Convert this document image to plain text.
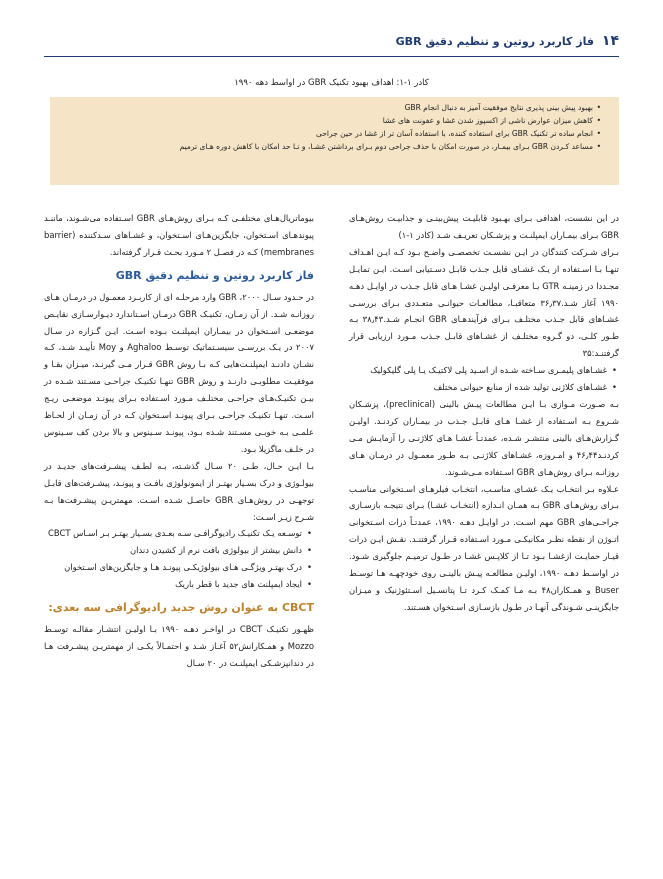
۱۴
فاز کاربرد روتین و تنظیم دقیق GBR
کادر ۱-۱: اهداف بهبود تکنیک GBR در اواسط دهه ۱۹۹۰
• بهبود پیش بینی پذیری نتایج موفقیت آمیز به دنبال انجام GBR
• کاهش میزان عوارض ناشی از اکسپوز شدن غشا و عفونت های غشا
• انجام ساده تر تکنیک GBR برای استفاده کننده، با استفاده آسان تر از غشا در حین جراحی
• مساعد کـردن GBR بـرای بیمـار، در صورت امکان با حذف جراحی دوم بـرای برداشتن غشـا، و تـا حد امکان با کاهش دوره هـای ترمیم

در این نشست، اهدافی بـرای بهـبود قابلیـت پیش‌بینـی و جذابیـت روش‌هـای GBR بـرای بیمـاران ایمپلنـت و پزشـکان تعریـف شـد (کادر ۱-۱)

بـرای شـرکت کنندگان در ایـن نشسـت تخصصـی واضـح بـود کـه ایـن اهـداف تنهـا بـا اسـتفاده از یـک غشـای قابل جـذب قابـل دسـتیابی اسـت. ایـن تمایـل مجـددا در زمینـه GTR بـا معرفـی اولیـن غشـا هـای قابل جـذب در اوایـل دهـه ۱۹۹۰ آغاز شـد.۳۶٫۳۷ متعاقبـا، مطالعـات حیوانـی متعـددی بـرای بررسـی غشـاهای قابل جـذب مختلـف بـرای فرآیندهـای GBR انجـام شـد.۳۸٫۴۳ بـه طـور کلـی، دو گـروه مختلـف از غشـاهای قابـل جـذب مـورد ارزیابی قرار گرفتنـد:۳۵

• غشـاهای پلیمـری سـاخته شـده از اسـید پلی لاکتیـک یـا پلی گلیکولیک
• غشـاهای کلاژنی تولید شده از منابع حیوانی مختلف

بـه صـورت مـوازی بـا ایـن مطالعات پیـش بالینی (preclinical)، پزشـکان شـروع بـه اسـتفاده از غشـا هـای قابـل جـذب در بیمـاران کردنـد. اولیـن گـزارش‌هـای بالینی منتشـر شـده، عمدتـاً غشـا هـای کلاژنـی را آزمایـش مـی کردنـد۴۶٫۴۴ و امـروزه، غشـاهای کلاژنـی بـه طـور معمـول در درمـان هـای روزانـه بـرای روش‌هـای GBR اسـتفاده مـی‌شـوند.

عـلاوه بـر انتخـاب یـک غشـای مناسـب، انتخـاب فیلرهـای اسـتخوانی مناسـب بـرای روش‌هـای GBR بـه همـان انـدازه (انتخـاب غشـا) بـرای نتیجـه بازسـازی جراحـی‌های GBR مهم اسـت. در اوایـل دهـه ۱۹۹۰، عمدتـاً ذرات اسـتخوانی اتـوژن از نقطه نظـر مکانیکـی مـورد اسـتفاده قـرار گرفتنـد. نقـش ایـن ذرات قیـار حمایـت ازغشـا بـود تـا از کلاپـس غشـا در طـول ترمیـم جلوگیری شـود. در اواسـط دهـه ۱۹۹۰، اولیـن مطالعـه پیـش بالینـی روی خودچهـه هـا توسـط Buser و همـکاران۴۸ بـه مـا کمـک کـرد تـا پتانسـیل اسـتئوژنیک و میـزان جایگزینـی شـوندگی آنهـا در طـول بازسـازی اسـتخوان هسـتند.

بیوماتریال‌هـای مختلفـی کـه بـرای روش‌هـای GBR اسـتفاده می‌شـوند، ماننـد پیوندهـای اسـتخوان، جایگزین‌هـای اسـتخوان، و غشـاهای سـدکننده (barrier membranes) کـه در فصـل ۲ مـورد بحـث قـرار گرفته‌اند.

فاز کاربرد روتین و تنظیم دقیق GBR

در حـدود سـال ۲۰۰۰، GBR وارد مرحلـه ای از کاربـرد معمـول در درمـان هـای روزانـه شـد. از آن زمـان، تکنیـک GBR درمـان اسـتاندارد دیـوارسـازی نقایـص موضعـی اسـتخوان در بیمـاران ایمپلنـت بـوده اسـت. ایـن گـزاره در سـال ۲۰۰۷ در یـک بررسـی سیسـتماتیک توسـط Aghaloo و Moy تأییـد شـد، کـه نشـان دادنـد ایمپلنـت‌هایی کـه بـا روش GBR قـرار مـی گیرنـد، میـزان بقـا و موفقیـت مطلوبـی دارنـد و روش GBR تنهـا تکنیـک جراحـی مسـتند شـده در بیـن تکنیـک‌هـای جراحـی مختلـف مـورد اسـتفاده بـرای پیونـد موضعـی ریـج اسـت. تنهـا تکنیـک جراحـی بـرای پیونـد اسـتخوان کـه در آن زمـان از لحـاظ علمـی بـه خوبـی مسـتند شـده بـود، پیونـد سـینوس و بالا بردن کف سـینوس در خلـف ماگزیلا بـود.

بـا ایـن حـال، طـی ۲۰ سـال گذشـته، بـه لطـف پیشـرفت‌های جدیـد در بیولـوژی و درک بسـیار بهتـر از ایمونولوژی بافـت و پیونـد، پیشـرفت‌های قابـل توجهـی در روش‌هـای GBR حاصـل شـده اسـت. مهمتریـن پیشـرفت‌ها بـه شـرح زیـر اسـت:

• توسـعه یـک تکنیـک رادیوگرافـی سـه بعـدی بسـیار بهتـر بـر اسـاس CBCT
• دانش بیشتر از بیولوژی بافت نرم از کشیدن دندان
• درک بهتـر ویژگـی هـای بیولوژیکـی پیونـد هـا و جایگزین‌های اسـتخوان
• ایجاد ایمپلنت های جدید با قطر باریک
CBCT به عنوان روش جدید رادیوگرافی سه بعدی:

ظهـور تکنیـک CBCT در اواخـر دهـه ۱۹۹۰ بـا اولیـن انتشـار مقالـه توسـط Mozzo و همـکارانش۵۲ آغـاز شـد و احتمـالاً یکـی از مهمتریـن پیشـرفت هـا در دندانپزشـکی ایمپلنـت در ۲۰ سـال
